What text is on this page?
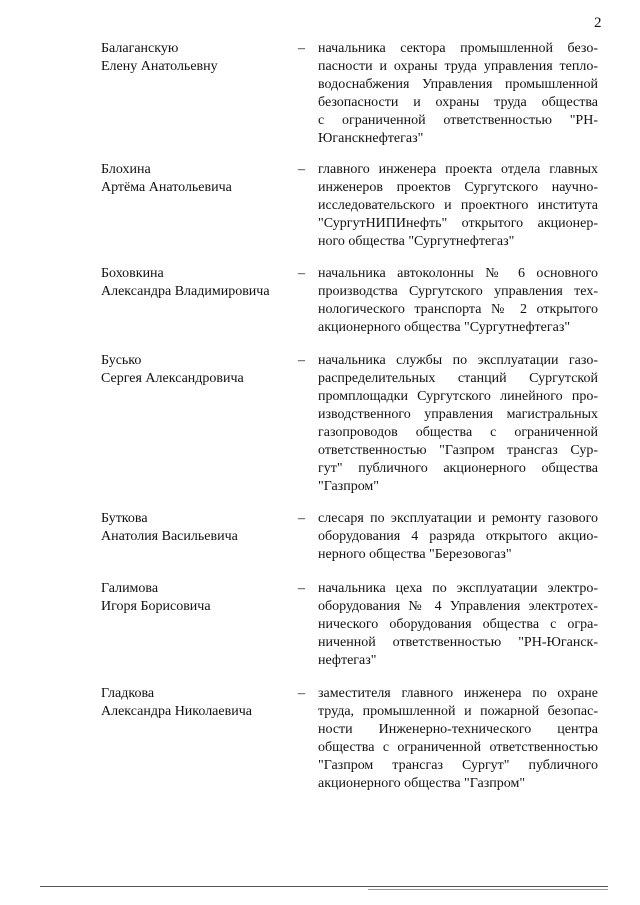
2
Балаганскую
Елену Анатольевну
– начальника сектора промышленной безо-
пасности и охраны труда управления тепло-
водоснабжения Управления промышленной
безопасности и охраны труда общества
с ограниченной ответственностью "РН-
Юганскнефтегаз"
Блохина
Артёма Анатольевича
– главного инженера проекта отдела главных
инженеров проектов Сургутского научно-
исследовательского и проектного института
"СургутНИПИнефть" открытого акционер-
ного общества "Сургутнефтегаз"
Боховкина
Александра Владимировича
– начальника автоколонны № 6 основного
производства Сургутского управления тех-
нологического транспорта № 2 открытого
акционерного общества "Сургутнефтегаз"
Бусько
Сергея Александровича
– начальника службы по эксплуатации газо-
распределительных станций Сургутской
промплощадки Сургутского линейного про-
изводственного управления магистральных
газопроводов общества с ограниченной
ответственностью "Газпром трансгаз Сур-
гут" публичного акционерного общества
"Газпром"
Буткова
Анатолия Васильевича
– слесаря по эксплуатации и ремонту газового
оборудования 4 разряда открытого акцио-
нерного общества "Березовогаз"
Галимова
Игоря Борисовича
– начальника цеха по эксплуатации электро-
оборудования № 4 Управления электротех-
нического оборудования общества с огра-
ниченной ответственностью "РН-Юганск-
нефтегаз"
Гладкова
Александра Николаевича
– заместителя главного инженера по охране
труда, промышленной и пожарной безопас-
ности Инженерно-технического центра
общества с ограниченной ответственностью
"Газпром трансгаз Сургут" публичного
акционерного общества "Газпром"
